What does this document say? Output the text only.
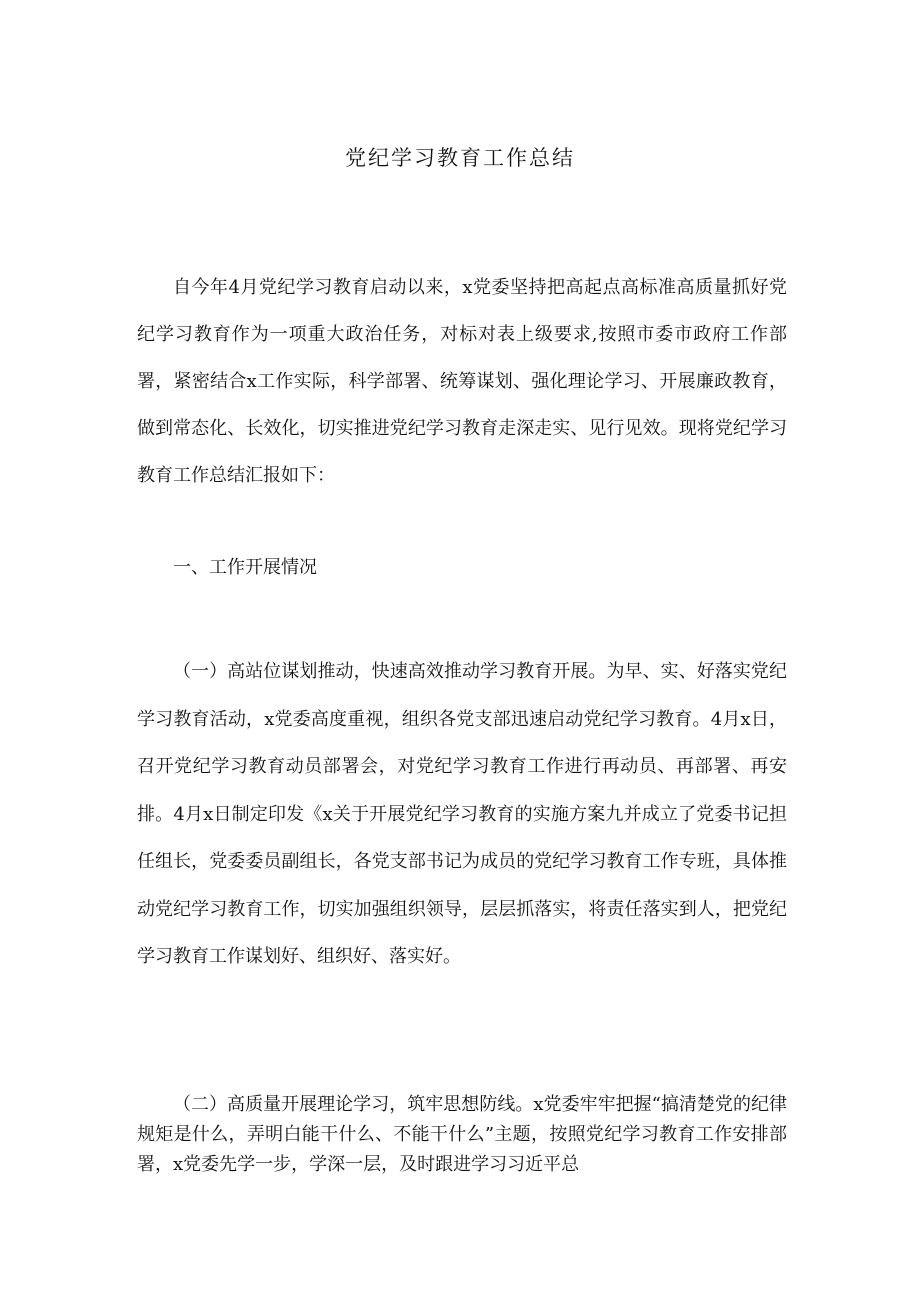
党纪学习教育工作总结

自今年4月党纪学习教育启动以来，x党委坚持把高起点高标准高质量抓好党纪学习教育作为一项重大政治任务，对标对表上级要求,按照市委市政府工作部署，紧密结合x工作实际，科学部署、统筹谋划、强化理论学习、开展廉政教育，做到常态化、长效化，切实推进党纪学习教育走深走实、见行见效。现将党纪学习教育工作总结汇报如下：

一、工作开展情况

（一）高站位谋划推动，快速高效推动学习教育开展。为早、实、好落实党纪学习教育活动，x党委高度重视，组织各党支部迅速启动党纪学习教育。4月x日，召开党纪学习教育动员部署会，对党纪学习教育工作进行再动员、再部署、再安排。4月x日制定印发《x关于开展党纪学习教育的实施方案九并成立了党委书记担任组长，党委委员副组长，各党支部书记为成员的党纪学习教育工作专班，具体推动党纪学习教育工作，切实加强组织领导，层层抓落实，将责任落实到人，把党纪学习教育工作谋划好、组织好、落实好。

（二）高质量开展理论学习，筑牢思想防线。x党委牢牢把握“搞清楚党的纪律规矩是什么，弄明白能干什么、不能干什么”主题，按照党纪学习教育工作安排部署，x党委先学一步，学深一层，及时跟进学习习近平总
